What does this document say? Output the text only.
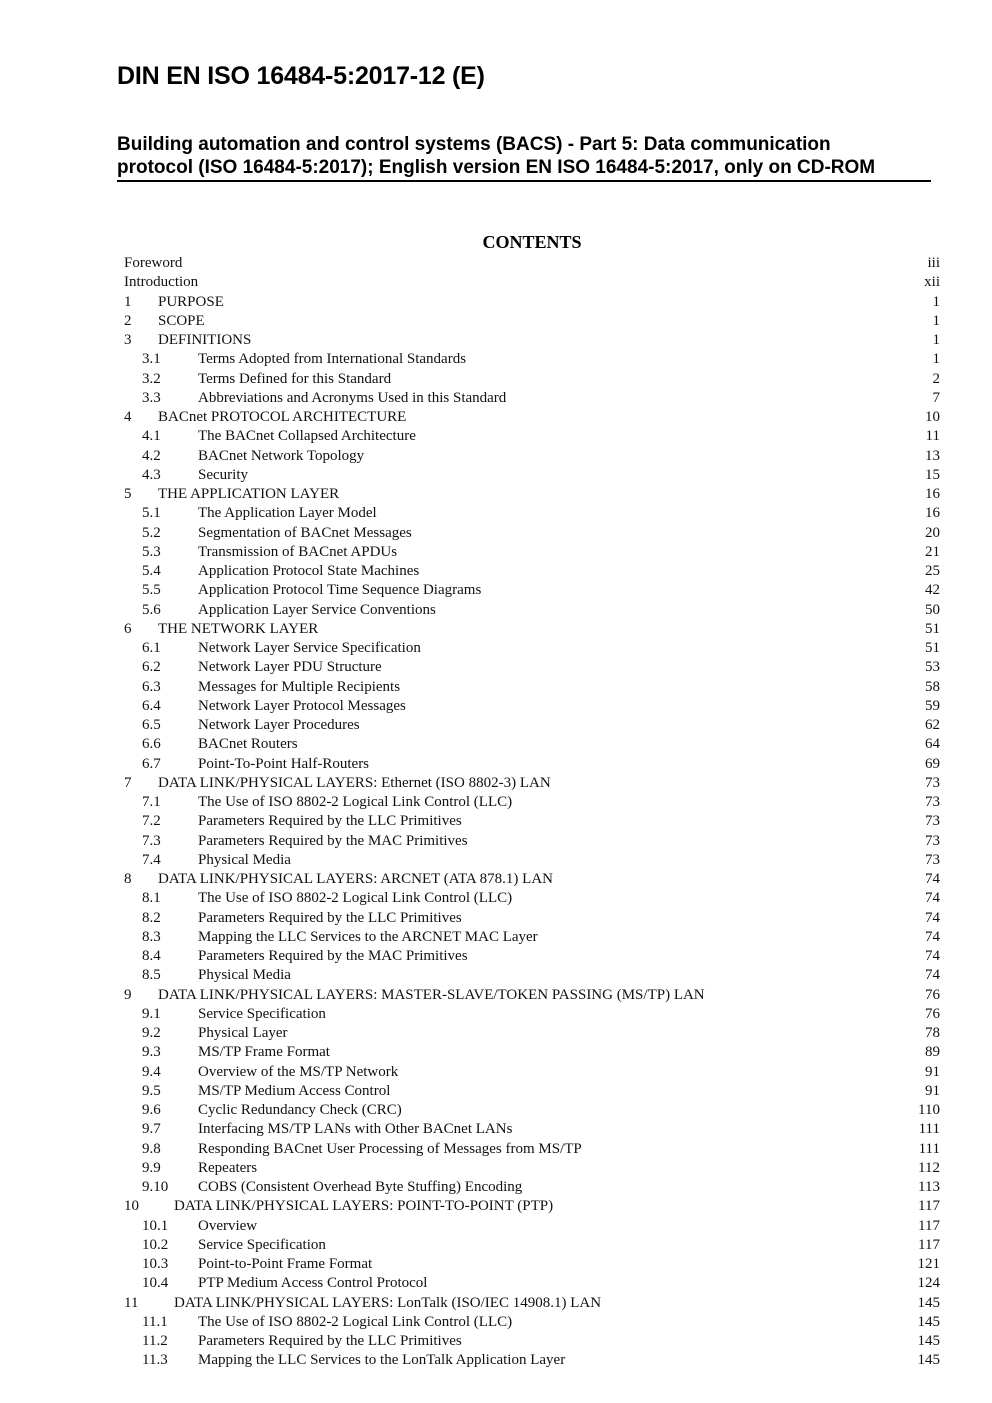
DIN EN ISO 16484-5:2017-12 (E)
Building automation and control systems (BACS) - Part 5: Data communication
protocol (ISO 16484-5:2017); English version EN ISO 16484-5:2017, only on CD-ROM
CONTENTS
Foreword	iii
Introduction	xii
1 PURPOSE	1
2 SCOPE	1
3 DEFINITIONS	1
3.1 Terms Adopted from International Standards	1
3.2 Terms Defined for this Standard	2
3.3 Abbreviations and Acronyms Used in this Standard	7
4 BACnet PROTOCOL ARCHITECTURE	10
4.1 The BACnet Collapsed Architecture	11
4.2 BACnet Network Topology	13
4.3 Security	15
5 THE APPLICATION LAYER	16
5.1 The Application Layer Model	16
5.2 Segmentation of BACnet Messages	20
5.3 Transmission of BACnet APDUs	21
5.4 Application Protocol State Machines	25
5.5 Application Protocol Time Sequence Diagrams	42
5.6 Application Layer Service Conventions	50
6 THE NETWORK LAYER	51
6.1 Network Layer Service Specification	51
6.2 Network Layer PDU Structure	53
6.3 Messages for Multiple Recipients	58
6.4 Network Layer Protocol Messages	59
6.5 Network Layer Procedures	62
6.6 BACnet Routers	64
6.7 Point-To-Point Half-Routers	69
7 DATA LINK/PHYSICAL LAYERS: Ethernet (ISO 8802-3) LAN	73
7.1 The Use of ISO 8802-2 Logical Link Control (LLC)	73
7.2 Parameters Required by the LLC Primitives	73
7.3 Parameters Required by the MAC Primitives	73
7.4 Physical Media	73
8 DATA LINK/PHYSICAL LAYERS: ARCNET (ATA 878.1) LAN	74
8.1 The Use of ISO 8802-2 Logical Link Control (LLC)	74
8.2 Parameters Required by the LLC Primitives	74
8.3 Mapping the LLC Services to the ARCNET MAC Layer	74
8.4 Parameters Required by the MAC Primitives	74
8.5 Physical Media	74
9 DATA LINK/PHYSICAL LAYERS: MASTER-SLAVE/TOKEN PASSING (MS/TP) LAN	76
9.1 Service Specification	76
9.2 Physical Layer	78
9.3 MS/TP Frame Format	89
9.4 Overview of the MS/TP Network	91
9.5 MS/TP Medium Access Control	91
9.6 Cyclic Redundancy Check (CRC)	110
9.7 Interfacing MS/TP LANs with Other BACnet LANs	111
9.8 Responding BACnet User Processing of Messages from MS/TP	111
9.9 Repeaters	112
9.10 COBS (Consistent Overhead Byte Stuffing) Encoding	113
10 DATA LINK/PHYSICAL LAYERS: POINT-TO-POINT (PTP)	117
10.1 Overview	117
10.2 Service Specification	117
10.3 Point-to-Point Frame Format	121
10.4 PTP Medium Access Control Protocol	124
11 DATA LINK/PHYSICAL LAYERS: LonTalk (ISO/IEC 14908.1) LAN	145
11.1 The Use of ISO 8802-2 Logical Link Control (LLC)	145
11.2 Parameters Required by the LLC Primitives	145
11.3 Mapping the LLC Services to the LonTalk Application Layer	145
